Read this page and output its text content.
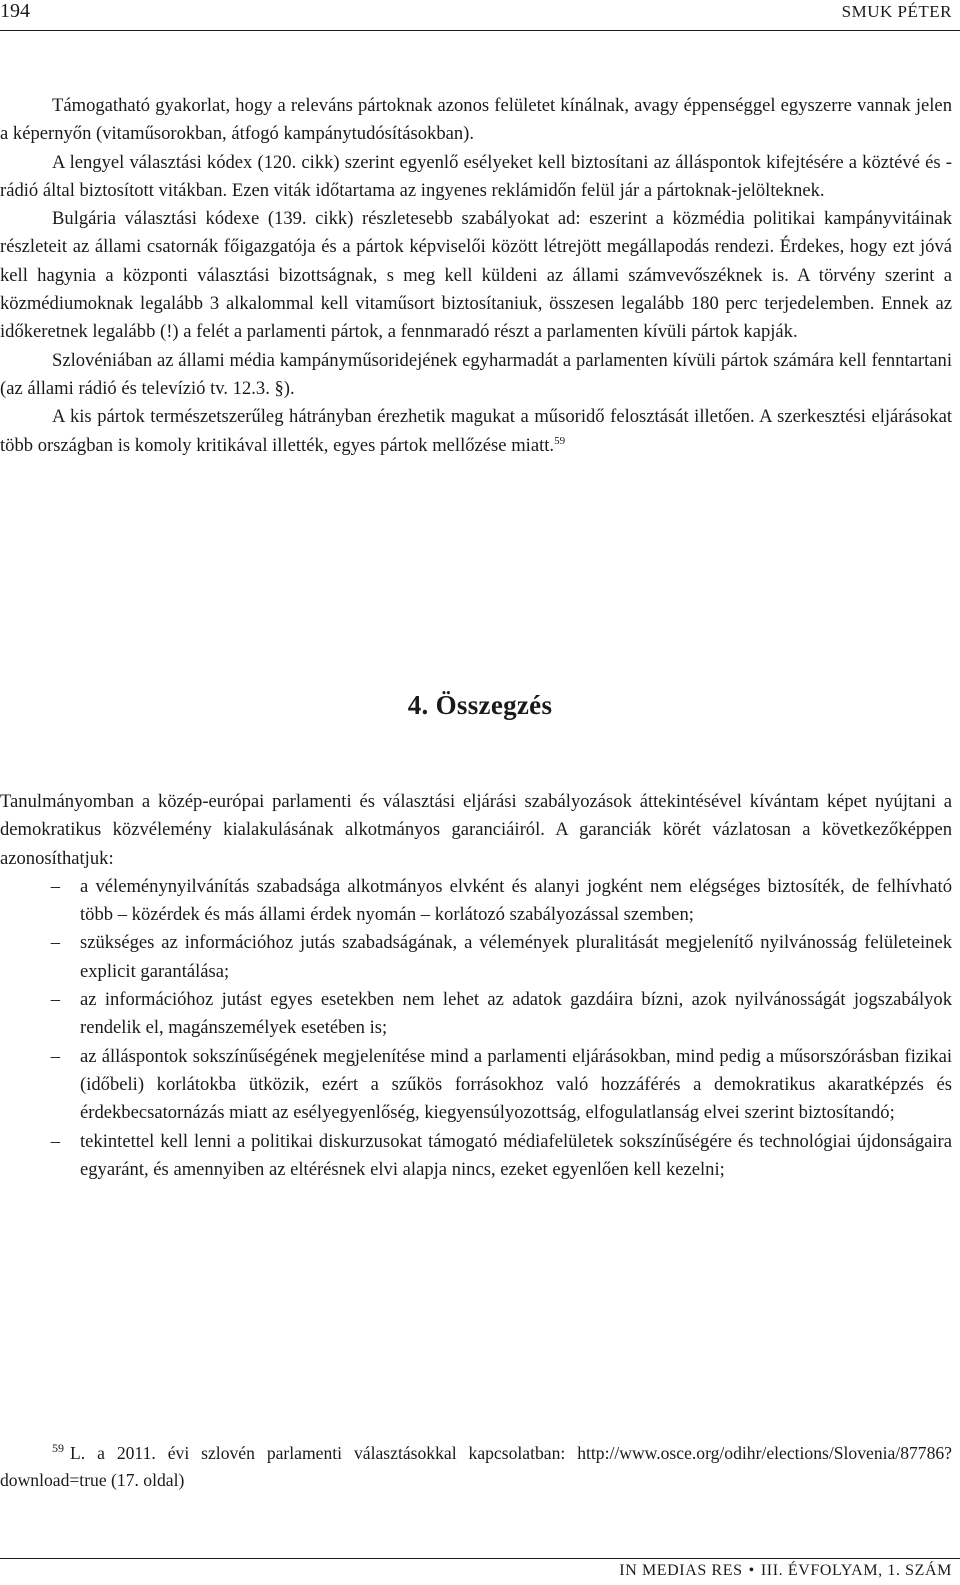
194	SMUK PÉTER

Támogatható gyakorlat, hogy a releváns pártoknak azonos felületet kínálnak, avagy éppenséggel egyszerre vannak jelen a képernyőn (vitaműsorokban, átfogó kampánytudósításokban).

A lengyel választási kódex (120. cikk) szerint egyenlő esélyeket kell biztosítani az álláspontok kifejtésére a köztévé és -rádió által biztosított vitákban. Ezen viták időtartama az ingyenes reklámidőn felül jár a pártoknak-jelölteknek.

Bulgária választási kódexe (139. cikk) részletesebb szabályokat ad: eszerint a közmédia politikai kampányvitáinak részleteit az állami csatornák főigazgatója és a pártok képviselői között létrejött megállapodás rendezi. Érdekes, hogy ezt jóvá kell hagynia a központi választási bizottságnak, s meg kell küldeni az állami számvevőszéknek is. A törvény szerint a közmédiumoknak legalább 3 alkalommal kell vitaműsort biztosítaniuk, összesen legalább 180 perc terjedelemben. Ennek az időkeretnek legalább (!) a felét a parlamenti pártok, a fennmaradó részt a parlamenten kívüli pártok kapják.

Szlovéniában az állami média kampányműsoridejének egyharmadát a parlamenten kívüli pártok számára kell fenntartani (az állami rádió és televízió tv. 12.3. §).

A kis pártok természetszerűleg hátrányban érezhetik magukat a műsoridő felosztását illetően. A szerkesztési eljárásokat több országban is komoly kritikával illették, egyes pártok mellőzése miatt.$^{59}$

4. Összegzés

Tanulmányomban a közép-európai parlamenti és választási eljárási szabályozások áttekintésével kívántam képet nyújtani a demokratikus közvélemény kialakulásának alkotmányos garanciáiról. A garanciák körét vázlatosan a következőképpen azonosíthatjuk:

– a véleménynyilvánítás szabadsága alkotmányos elvként és alanyi jogként nem elégséges biztosíték, de felhívható több – közérdek és más állami érdek nyomán – korlátozó szabályozással szemben;
– szükséges az információhoz jutás szabadságának, a vélemények pluralitását megjelenítő nyilvánosság felületeinek explicit garantálása;
– az információhoz jutást egyes esetekben nem lehet az adatok gazdáira bízni, azok nyilvánosságát jogszabályok rendelik el, magánszemélyek esetében is;
– az álláspontok sokszínűségének megjelenítése mind a parlamenti eljárásokban, mind pedig a műsorszórásban fizikai (időbeli) korlátokba ütközik, ezért a szűkös forrásokhoz való hozzáférés a demokratikus akaratképzés és érdekbecsatornázás miatt az esélyegyenlőség, kiegyensúlyozottság, elfogulatlanság elvei szerint biztosítandó;
– tekintettel kell lenni a politikai diskurzusokat támogató médiafelületek sokszínűségére és technológiai újdonságaira egyaránt, és amennyiben az eltérésnek elvi alapja nincs, ezeket egyenlően kell kezelni;
$^{59}$ L. a 2011. évi szlovén parlamenti választásokkal kapcsolatban: http://www.osce.org/odihr/elections/Slovenia/87786?download=true (17. oldal)
IN MEDIAS RES • III. ÉVFOLYAM, 1. SZÁM
